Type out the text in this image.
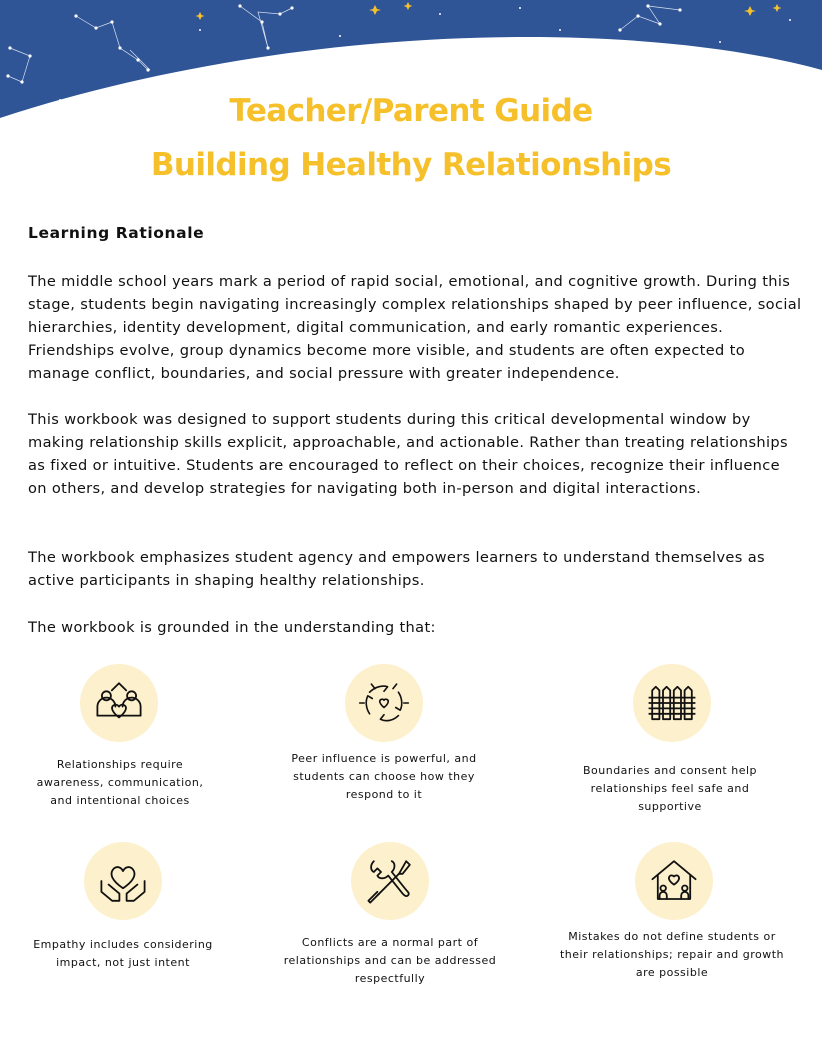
Teacher/Parent Guide
Building Healthy Relationships
Learning Rationale

The middle school years mark a period of rapid social, emotional, and cognitive growth. During this stage, students begin navigating increasingly complex relationships shaped by peer influence, social hierarchies, identity development, digital communication, and early romantic experiences. Friendships evolve, group dynamics become more visible, and students are often expected to manage conflict, boundaries, and social pressure with greater independence.

This workbook was designed to support students during this critical developmental window by making relationship skills explicit, approachable, and actionable. Rather than treating relationships as fixed or intuitive. Students are encouraged to reflect on their choices, recognize their influence on others, and develop strategies for navigating both in-person and digital interactions.

The workbook emphasizes student agency and empowers learners to understand themselves as active participants in shaping healthy relationships.

The workbook is grounded in the understanding that:

Relationships require awareness, communication, and intentional choices

Peer influence is powerful, and students can choose how they respond to it

Boundaries and consent help relationships feel safe and supportive

Empathy includes considering impact, not just intent

Conflicts are a normal part of relationships and can be addressed respectfully

Mistakes do not define students or their relationships; repair and growth are possible
